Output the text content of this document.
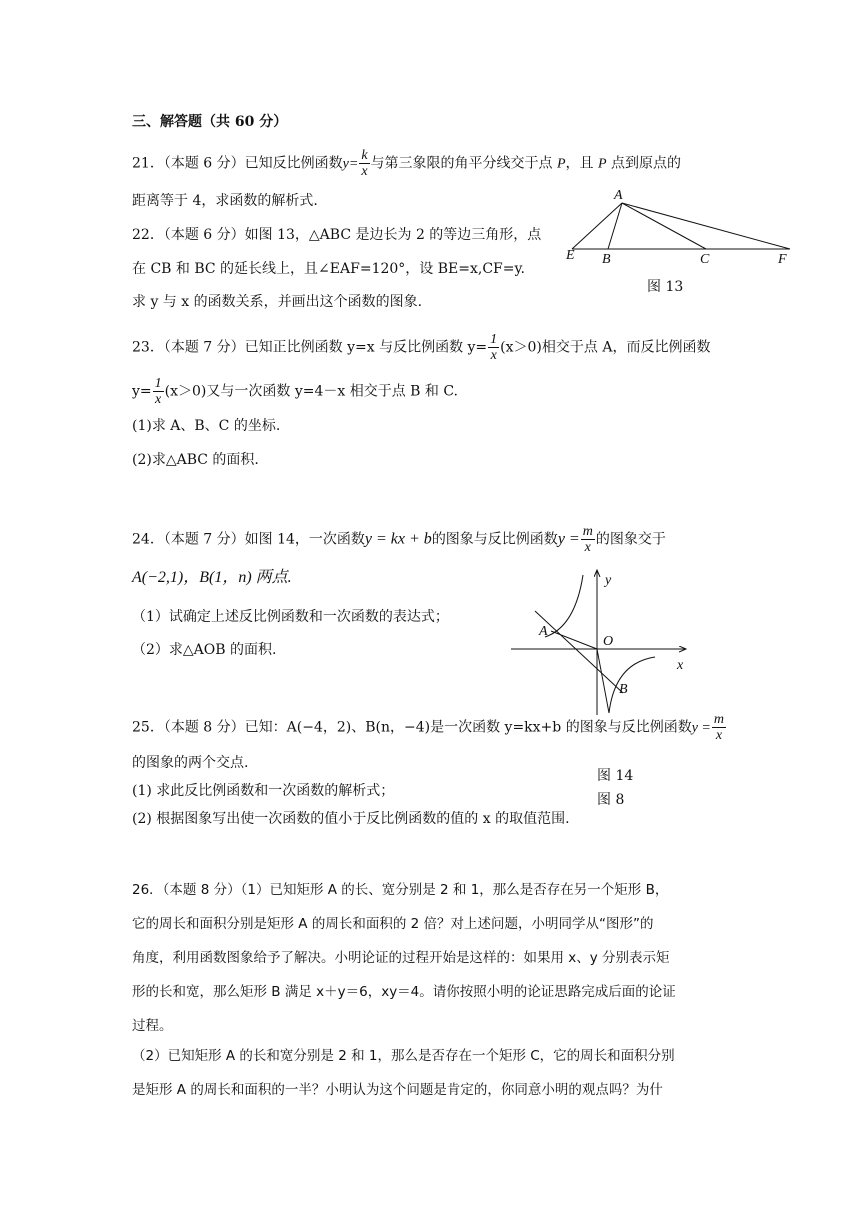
三、解答题（共 60 分）
21．（本题 6 分）已知反比例函数$y= \frac{k}{x}$ 与第三象限的角平分线交于点 P，且 P 点到原点的
距离等于 4，求函数的解析式.
22．（本题 6 分）如图 13，△ABC 是边长为 2 的等边三角形，点
在 CB 和 BC 的延长线上，且∠EAF=120°，设 BE=x,CF=y.
求 y 与 x 的函数关系，并画出这个函数的图象.
A
E B	C	F
图 13
23．（本题 7 分）已知正比例函数 y=x 与反比例函数 $y= \frac{1}{x} (x>0)$相交于点 A，而反比例函数
$y= \frac{1}{x} (x>0)$又与一次函数 y=4－x 相交于点 B 和 C.
(1)求 A、B、C 的坐标.
(2)求△ABC 的面积.
24．（本题 7 分）如图 14，一次函数y = kx + b的图象与反比例函数$y = \frac{m}{x}$ 的图象交于
A(−2,1)，B(1，n) 两点.
（1）试确定上述反比例函数和一次函数的表达式；
（2）求△AOB 的面积.
y
x
O
A
B
25．（本题 8 分）已知：A(−4，2)、B(n，−4)是一次函数 y=kx+b 的图象与反比例函数$y = \frac{m}{x}$
的图象的两个交点.
图 14
(1) 求此反比例函数和一次函数的解析式；
图 8
(2) 根据图象写出使一次函数的值小于反比例函数的值的 x 的取值范围.
26．（本题 8 分）（1）已知矩形 A 的长、宽分别是 2 和 1，那么是否存在另一个矩形 B，
它的周长和面积分别是矩形 A 的周长和面积的 2 倍？对上述问题，小明同学从“图形”的
角度，利用函数图象给予了解决。小明论证的过程开始是这样的：如果用 x、y 分别表示矩
形的长和宽，那么矩形 B 满足 x＋y＝6，xy＝4。请你按照小明的论证思路完成后面的论证
过程。
（2）已知矩形 A 的长和宽分别是 2 和 1，那么是否存在一个矩形 C，它的周长和面积分别
是矩形 A 的周长和面积的一半？小明认为这个问题是肯定的，你同意小明的观点吗？为什
